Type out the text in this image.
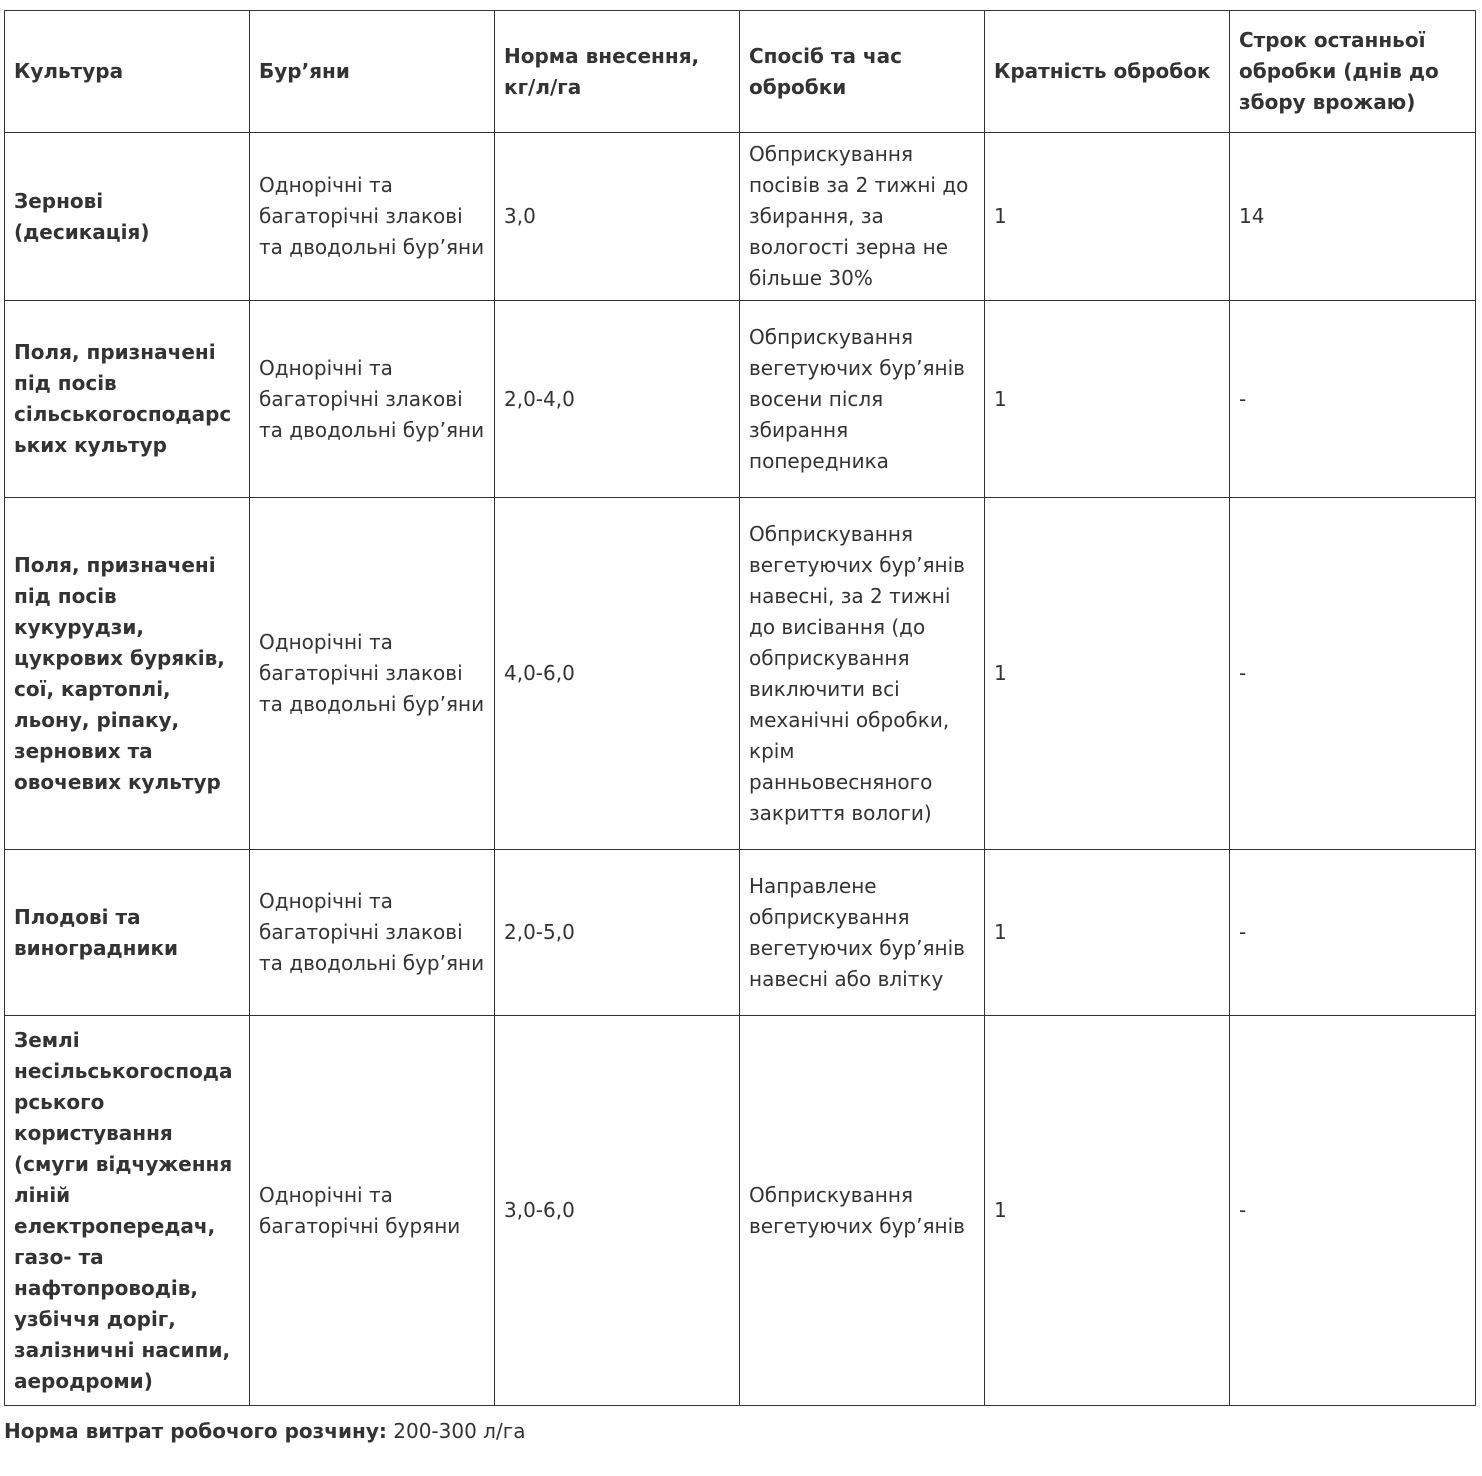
Культура	Бур’яни	Норма внесення, кг/л/га	Спосіб та час обробки	Кратність обробок	Строк останньої обробки (днів до збору врожаю)
Зернові (десикація)	Однорічні та багаторічні злакові та дводольні бур’яни	3,0	Обприскування посівів за 2 тижні до збирання, за вологості зерна не більше 30%	1	14
Поля, призначені під посів сільськогосподарських культур	Однорічні та багаторічні злакові та дводольні бур’яни	2,0-4,0	Обприскування вегетуючих бур’янів восени після збирання попередника	1	-
Поля, призначені під посів кукурудзи, цукрових буряків, сої, картоплі, льону, ріпаку, зернових та овочевих культур	Однорічні та багаторічні злакові та дводольні бур’яни	4,0-6,0	Обприскування вегетуючих бур’янів навесні, за 2 тижні до висівання (до обприскування виключити всі механічні обробки, крім ранньовесняного закриття вологи)	1	-
Плодові та виноградники	Однорічні та багаторічні злакові та дводольні бур’яни	2,0-5,0	Направлене обприскування вегетуючих бур’янів навесні або влітку	1	-
Землі несільськогосподарського користування (смуги відчуження ліній електропередач, газо- та нафтопроводів, узбіччя доріг, залізничні насипи, аеродроми)	Однорічні та багаторічні буряни	3,0-6,0	Обприскування вегетуючих бур’янів	1	-
Норма витрат робочого розчину: 200-300 л/га
